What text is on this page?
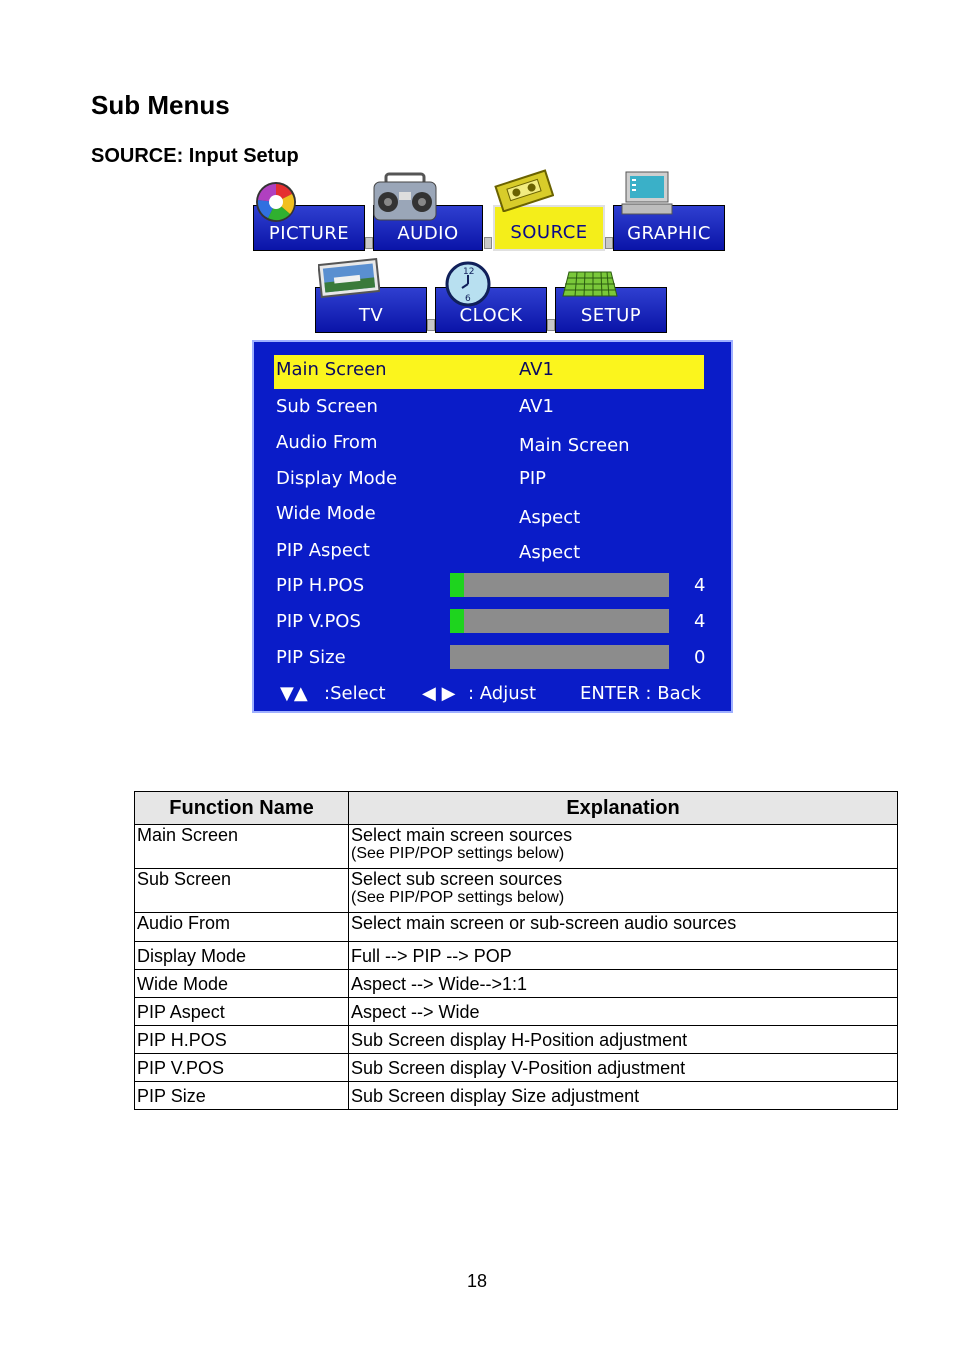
Sub Menus
SOURCE: Input Setup
PICTURE	AUDIO	SOURCE	GRAPHIC
TV	CLOCK
12
6
SETUP
Main Screen	AV1
Sub Screen	AV1
Audio From	Main Screen
Display Mode	PIP
Wide Mode	Aspect
PIP Aspect	Aspect
PIP H.POS	4
PIP V.POS	4
PIP Size	0
▼▲ :Select ◀ ▶ : Adjust ENTER : Back
Function Name	Explanation
Main Screen	Select main screen sources
(See PIP/POP settings below)

Sub Screen	Select sub screen sources
(See PIP/POP settings below)

Audio From	Select main screen or sub-screen audio sources
Display Mode	Full --> PIP --> POP
Wide Mode	Aspect --> Wide-->1:1
PIP Aspect	Aspect --> Wide
PIP H.POS	Sub Screen display H-Position adjustment
PIP V.POS	Sub Screen display V-Position adjustment
PIP Size	Sub Screen display Size adjustment
18
